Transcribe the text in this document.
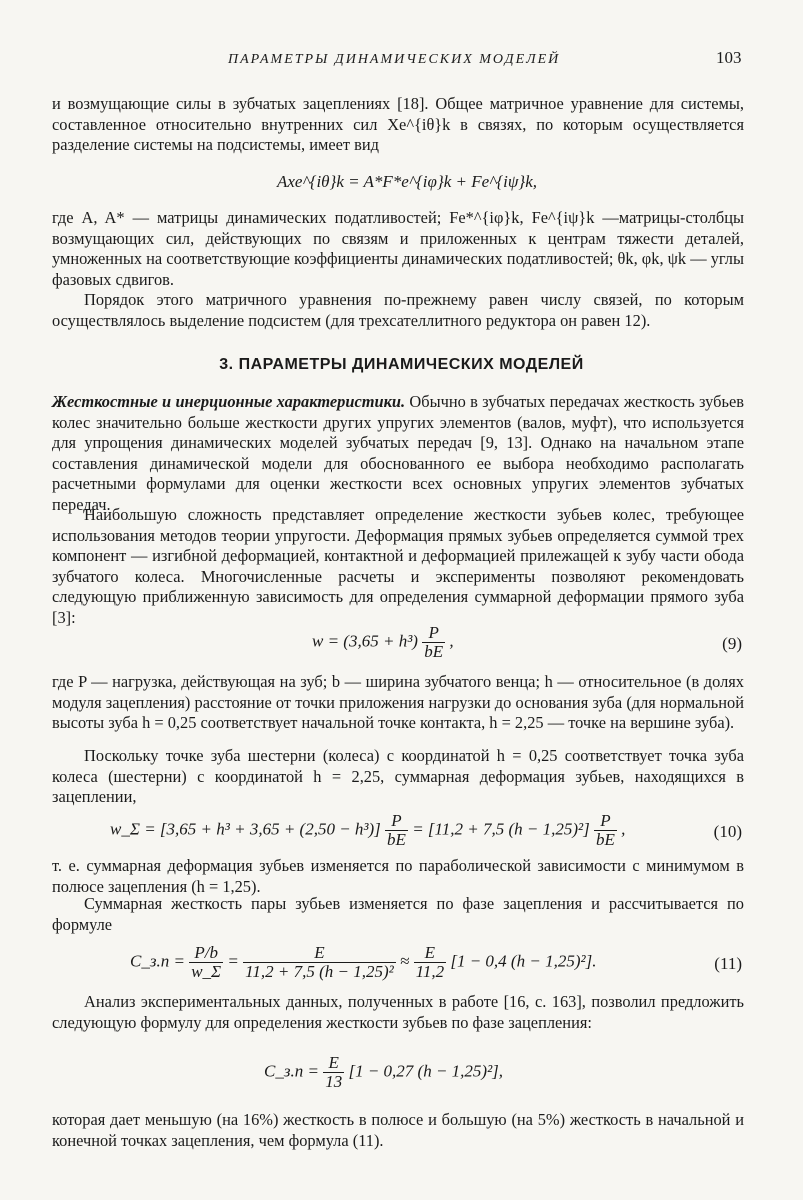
ПАРАМЕТРЫ ДИНАМИЧЕСКИХ МОДЕЛЕЙ	103

и возмущающие силы в зубчатых зацеплениях [18]. Общее матричное уравнение для системы, составленное относительно внутренних сил Xe^{iθ}k в связях, по которым осуществляется разделение системы на подсистемы, имеет вид

Axe^{iθ}k = A*F*e^{iφ}k + Fe^{iψ}k,

где A, A* — матрицы динамических податливостей; Fe*^{iφ}k, Fe^{iψ}k —матрицы-столбцы возмущающих сил, действующих по связям и приложенных к центрам тяжести деталей, умноженных на соответствующие коэффициенты динамических податливостей; θk, φk, ψk — углы фазовых сдвигов.

Порядок этого матричного уравнения по-прежнему равен числу связей, по которым осуществлялось выделение подсистем (для трехсателлитного редуктора он равен 12).

3. ПАРАМЕТРЫ ДИНАМИЧЕСКИХ МОДЕЛЕЙ

Жесткостные и инерционные характеристики. Обычно в зубчатых передачах жесткость зубьев колес значительно больше жесткости других упругих элементов (валов, муфт), что используется для упрощения динамических моделей зубчатых передач [9, 13]. Однако на начальном этапе составления динамической модели для обоснованного ее выбора необходимо располагать расчетными формулами для оценки жесткости всех основных упругих элементов зубчатых передач.

Наибольшую сложность представляет определение жесткости зубьев колес, требующее использования методов теории упругости. Деформация прямых зубьев определяется суммой трех компонент — изгибной деформацией, контактной и деформацией прилежащей к зубу части обода зубчатого колеса. Многочисленные расчеты и эксперименты позволяют рекомендовать следующую приближенную зависимость для определения суммарной деформации прямого зуба [3]:

$w = (3,65 + h^3) \frac{P}{bE}$ ,	(9)

где P — нагрузка, действующая на зуб; b — ширина зубчатого венца; h — относительное (в долях модуля зацепления) расстояние от точки приложения нагрузки до основания зуба (для нормальной высоты зуба h = 0,25 соответствует начальной точке контакта, h = 2,25 — точке на вершине зуба).

Поскольку точке зуба шестерни (колеса) с координатой h = 0,25 соответствует точка зуба колеса (шестерни) с координатой h = 2,25, суммарная деформация зубьев, находящихся в зацеплении,

w_Σ = $[3,65 + h^3 + 3,65 + (2,50 - h^3)] \frac{P}{bE} = [11,2 + 7,5$ $(h - 1,25)^2] \frac{P}{bE}$ ,	(10)

т. е. суммарная деформация зубьев изменяется по параболической зависимости с минимумом в полюсе зацепления (h = 1,25).

Суммарная жесткость пары зубьев изменяется по фазе зацепления и рассчитывается по формуле

C_з.п = $\frac{P/b}{w\_\Sigma} = \frac{E}{\text{11,2 + 7,5 (h − 1,25)²}} \approx \frac{E}{11,2} [1 - 0,4$ (h − 1,25)²].	(11)

Анализ экспериментальных данных, полученных в работе [16, с. 163], позволил предложить следующую формулу для определения жесткости зубьев по фазе зацепления:

C_з.п = $\frac{E}{13} [1 - 0,27$ (h − 1,25)²],

которая дает меньшую (на 16%) жесткость в полюсе и большую (на 5%) жесткость в начальной и конечной точках зацепления, чем формула (11).
